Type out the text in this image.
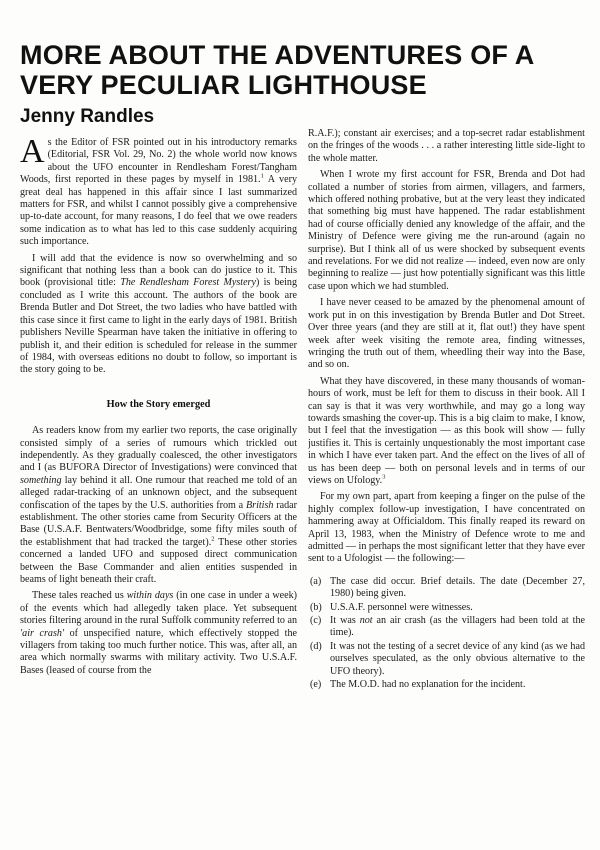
MORE ABOUT THE ADVENTURES OF A VERY PECULIAR LIGHTHOUSE
Jenny Randles

As the Editor of FSR pointed out in his introductory remarks (Editorial, FSR Vol. 29, No. 2) the whole world now knows about the UFO encounter in Rendlesham Forest/Tangham Woods, first reported in these pages by myself in 1981.$^1$ A very great deal has happened in this affair since I last summarized matters for FSR, and whilst I cannot possibly give a comprehensive up-to-date account, for many reasons, I do feel that we owe readers some indication as to what has led to this case suddenly acquiring such importance.

I will add that the evidence is now so overwhelming and so significant that nothing less than a book can do justice to it. This book (provisional title: The Rendlesham Forest Mystery) is being concluded as I write this account. The authors of the book are Brenda Butler and Dot Street, the two ladies who have battled with this case since it first came to light in the early days of 1981. British publishers Neville Spearman have taken the initiative in offering to publish it, and their edition is scheduled for release in the summer of 1984, with overseas editions no doubt to follow, so important is the story going to be.

How the Story emerged

As readers know from my earlier two reports, the case originally consisted simply of a series of rumours which trickled out independently. As they gradually coalesced, the other investigators and I (as BUFORA Director of Investigations) were convinced that something lay behind it all. One rumour that reached me told of an alleged radar-tracking of an unknown object, and the subsequent confiscation of the tapes by the U.S. authorities from a British radar establishment. The other stories came from Security Officers at the Base (U.S.A.F. Bentwaters/Woodbridge, some fifty miles south of the establishment that had tracked the target).$^2$ These other stories concerned a landed UFO and supposed direct communication between the Base Commander and alien entities suspended in beams of light beneath their craft.

These tales reached us within days (in one case in under a week) of the events which had allegedly taken place. Yet subsequent stories filtering around in the rural Suffolk community referred to an 'air crash' of unspecified nature, which effectively stopped the villagers from taking too much further notice. This was, after all, an area which normally swarms with military activity. Two U.S.A.F. Bases (leased of course from the

R.A.F.); constant air exercises; and a top-secret radar establishment on the fringes of the woods . . . a rather interesting little side-light to the whole matter.

When I wrote my first account for FSR, Brenda and Dot had collated a number of stories from airmen, villagers, and farmers, which offered nothing probative, but at the very least they indicated that something big must have happened. The radar establishment had of course officially denied any knowledge of the affair, and the Ministry of Defence were giving me the run-around (again no surprise). But I think all of us were shocked by subsequent events and revelations. For we did not realize — indeed, even now are only beginning to realize — just how potentially significant was this little case upon which we had stumbled.

I have never ceased to be amazed by the phenomenal amount of work put in on this investigation by Brenda Butler and Dot Street. Over three years (and they are still at it, flat out!) they have spent week after week visiting the remote area, finding witnesses, wringing the truth out of them, wheedling their way into the Base, and so on.

What they have discovered, in these many thousands of woman-hours of work, must be left for them to discuss in their book. All I can say is that it was very worthwhile, and may go a long way towards smashing the cover-up. This is a big claim to make, I know, but I feel that the investigation — as this book will show — fully justifies it. This is certainly unquestionably the most important case in which I have ever taken part. And the effect on the lives of all of us has been deep — both on personal levels and in terms of our views on Ufology.$^3$

For my own part, apart from keeping a finger on the pulse of the highly complex follow-up investigation, I have concentrated on hammering away at Officialdom. This finally reaped its reward on April 13, 1983, when the Ministry of Defence wrote to me and admitted — in perhaps the most significant letter that they have ever sent to a Ufologist — the following:—

(a) The case did occur. Brief details. The date (December 27, 1980) being given.
(b) U.S.A.F. personnel were witnesses.
(c) It was not an air crash (as the villagers had been told at the time).
(d) It was not the testing of a secret device of any kind (as we had ourselves speculated, as the only obvious alternative to the UFO theory).
(e) The M.O.D. had no explanation for the incident.
